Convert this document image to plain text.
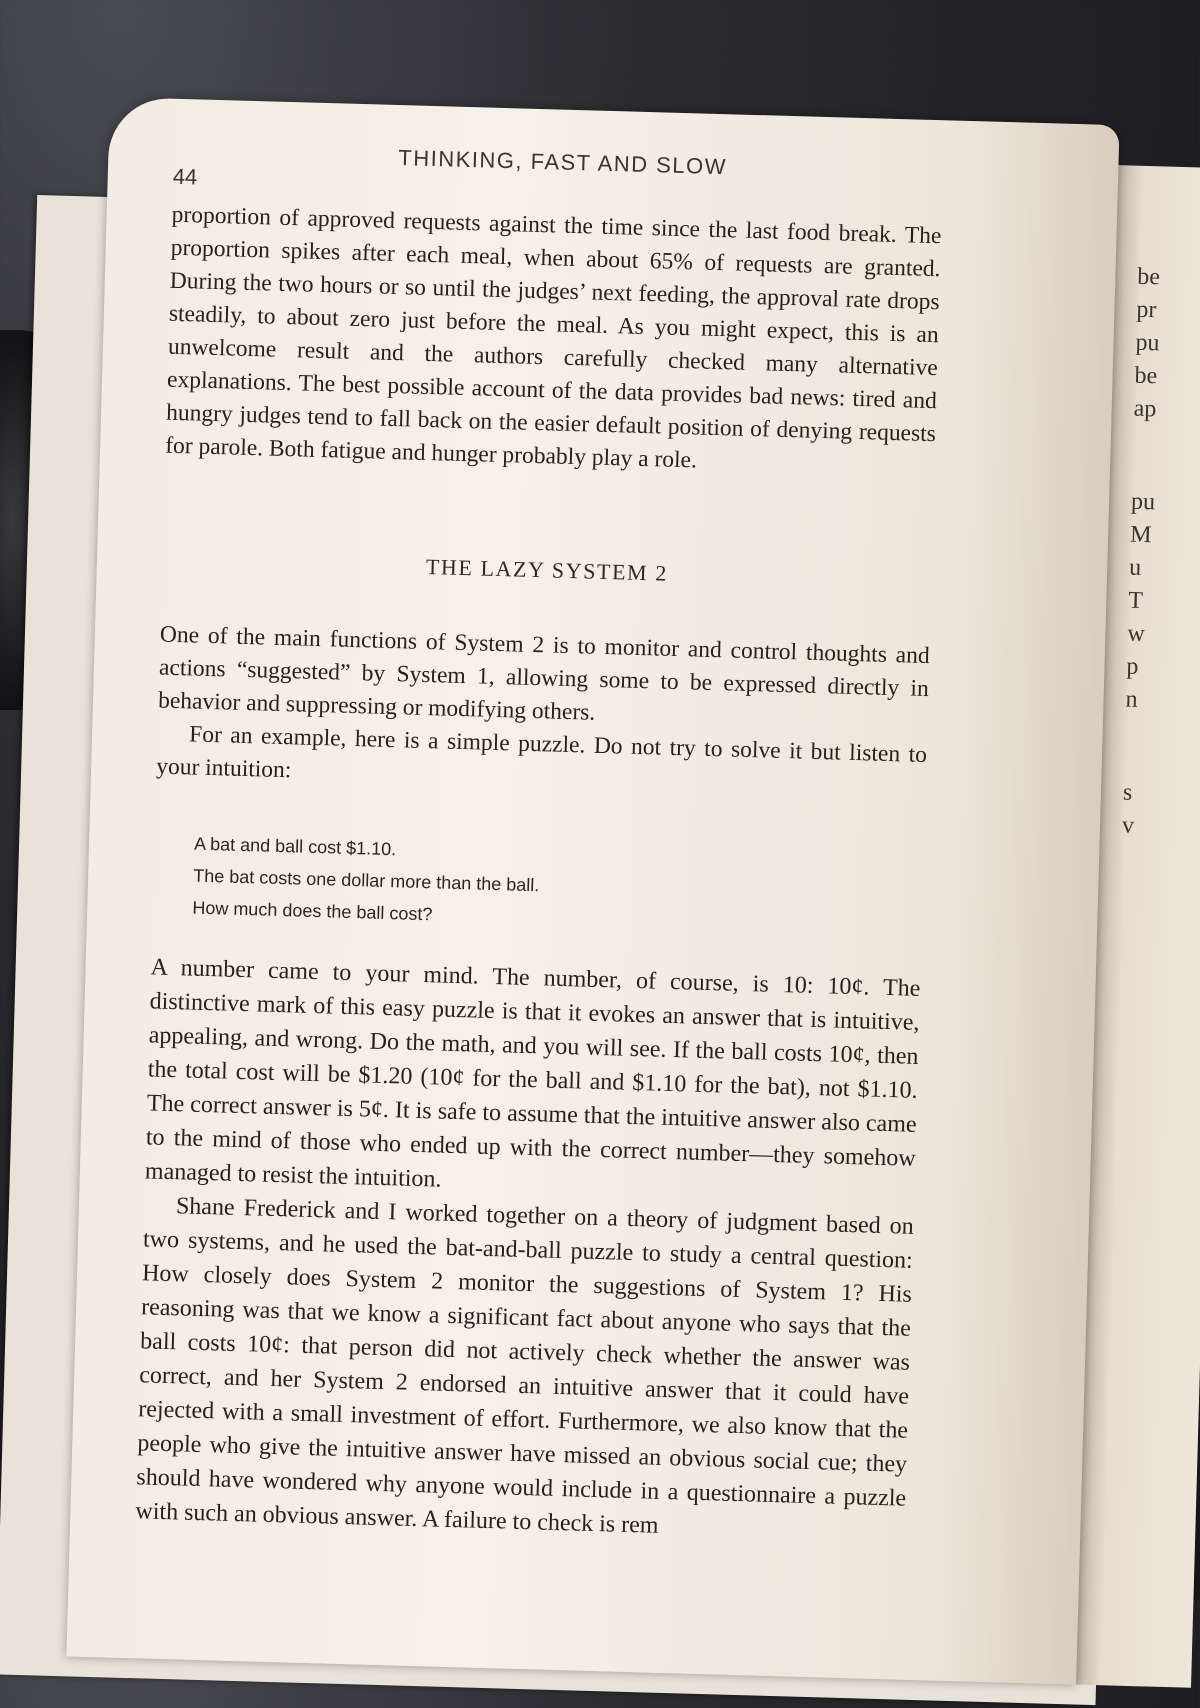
be
pr
pu
be
ap
pu
M
u
T
w
p
n
s
v
44	THINKING, FAST AND SLOW

proportion of approved requests against the time since the last food break. The proportion spikes after each meal, when about 65% of requests are granted. During the two hours or so until the judges’ next feeding, the approval rate drops steadily, to about zero just before the meal. As you might expect, this is an unwelcome result and the authors carefully checked many alternative explanations. The best possible account of the data provides bad news: tired and hungry judges tend to fall back on the easier default position of denying requests for parole. Both fatigue and hunger probably play a role.

THE LAZY SYSTEM 2

One of the main functions of System 2 is to monitor and control thoughts and actions “suggested” by System 1, allowing some to be expressed directly in behavior and suppressing or modifying others.

For an example, here is a simple puzzle. Do not try to solve it but listen to your intuition:

A bat and ball cost $1.10.
The bat costs one dollar more than the ball.
How much does the ball cost?

A number came to your mind. The number, of course, is 10: 10¢. The distinctive mark of this easy puzzle is that it evokes an answer that is intuitive, appealing, and wrong. Do the math, and you will see. If the ball costs 10¢, then the total cost will be $1.20 (10¢ for the ball and $1.10 for the bat), not $1.10. The correct answer is 5¢. It is safe to assume that the intuitive answer also came to the mind of those who ended up with the correct number—they somehow managed to resist the intuition.

Shane Frederick and I worked together on a theory of judgment based on two systems, and he used the bat-and-ball puzzle to study a central question: How closely does System 2 monitor the suggestions of System 1? His reasoning was that we know a significant fact about anyone who says that the ball costs 10¢: that person did not actively check whether the answer was correct, and her System 2 endorsed an intuitive answer that it could have rejected with a small investment of effort. Furthermore, we also know that the people who give the intuitive answer have missed an obvious social cue; they should have wondered why anyone would include in a questionnaire a puzzle with such an obvious answer. A failure to check is rem
